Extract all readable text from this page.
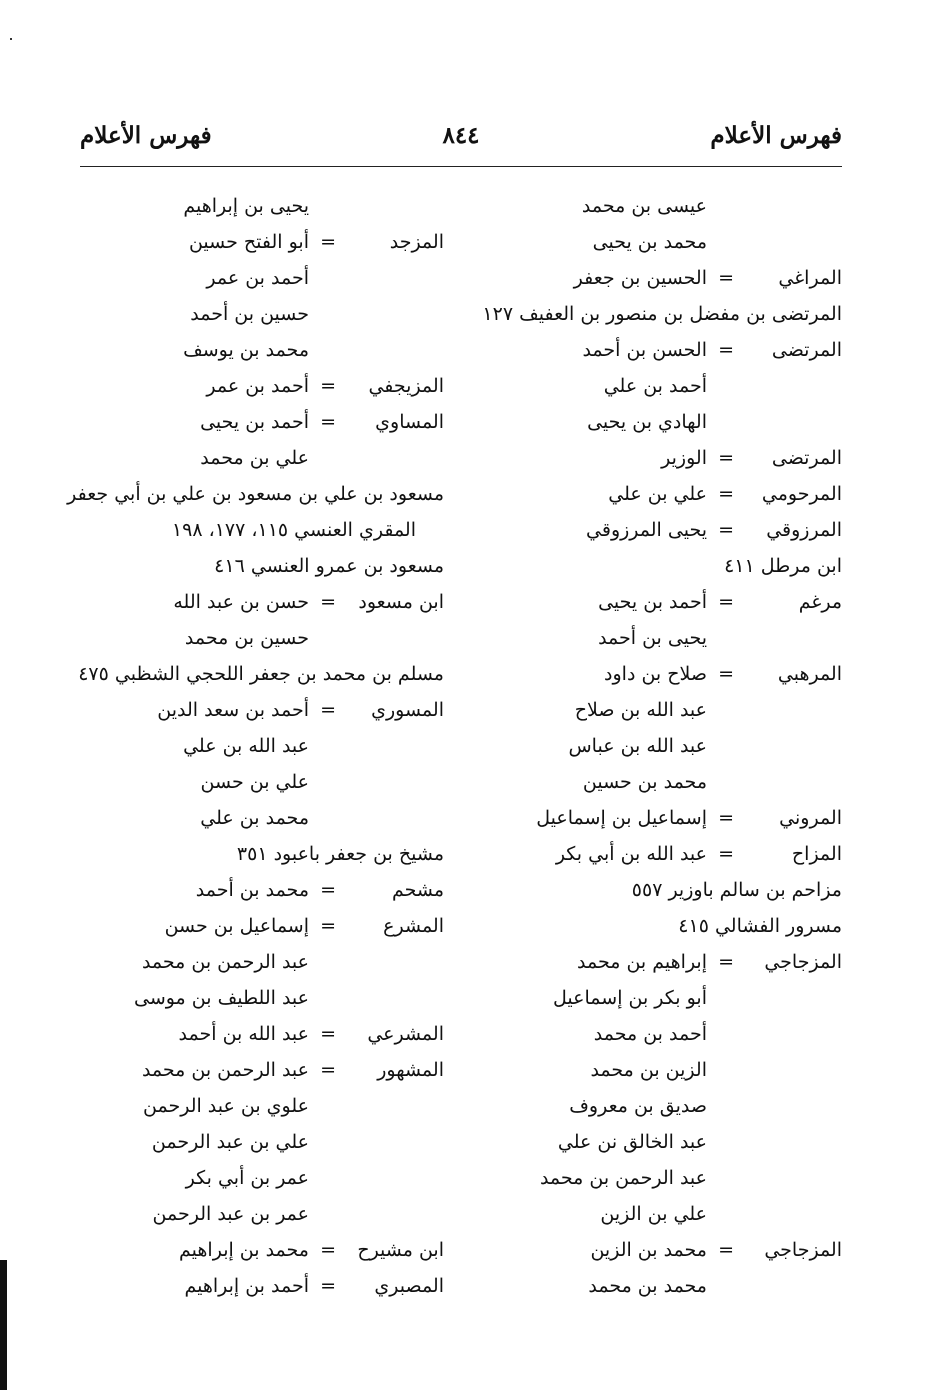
فهرس الأعلام
٨٤٤
فهرس الأعلام
عيسى بن محمد
محمد بن يحيى
المراغي
=
الحسين بن جعفر
المرتضى بن مفضل بن منصور بن العفيف ١٢٧
المرتضى
=
الحسن بن أحمد
أحمد بن علي
الهادي بن يحيى
المرتضى
=
الوزير
المرحومي
=
علي بن علي
المرزوقي
=
يحيى المرزوقي
ابن مرطل ٤١١
مرغم
=
أحمد بن يحيى
يحيى بن أحمد
المرهبي
=
صلاح بن داود
عبد الله بن صلاح
عبد الله بن عباس
محمد بن حسين
المروني
=
إسماعيل بن إسماعيل
المزاح
=
عبد الله بن أبي بكر
مزاحم بن سالم باوزير ٥٥٧
مسرور الفشالي ٤١٥
المزجاجي
=
إبراهيم بن محمد
أبو بكر بن إسماعيل
أحمد بن محمد
الزين بن محمد
صديق بن معروف
عبد الخالق نن علي
عبد الرحمن بن محمد
علي بن الزين
المزجاجي
=
محمد بن الزين
محمد بن محمد
يحيى بن إبراهيم
المزجد
=
أبو الفتح حسين
أحمد بن عمر
حسين بن أحمد
محمد بن يوسف
المزيجفي
=
أحمد بن عمر
المساوي
=
أحمد بن يحيى
علي بن محمد
مسعود بن علي بن مسعود بن علي بن أبي جعفر
المقري العنسي ١١٥، ١٧٧، ١٩٨
مسعود بن عمرو العنسي ٤١٦
ابن مسعود
=
حسن بن عبد الله
حسين بن محمد
مسلم بن محمد بن جعفر اللحجي الشظبي ٤٧٥
المسوري
=
أحمد بن سعد الدين
عبد الله بن علي
علي بن حسن
محمد بن علي
مشيخ بن جعفر باعبود ٣٥١
مشحم
=
محمد بن أحمد
المشرع
=
إسماعيل بن حسن
عبد الرحمن بن محمد
عبد اللطيف بن موسى
المشرعي
=
عبد الله بن أحمد
المشهور
=
عبد الرحمن بن محمد
علوي بن عبد الرحمن
علي بن عبد الرحمن
عمر بن أبي بكر
عمر بن عبد الرحمن
ابن مشيرح
=
محمد بن إبراهيم
المصبري
=
أحمد بن إبراهيم
